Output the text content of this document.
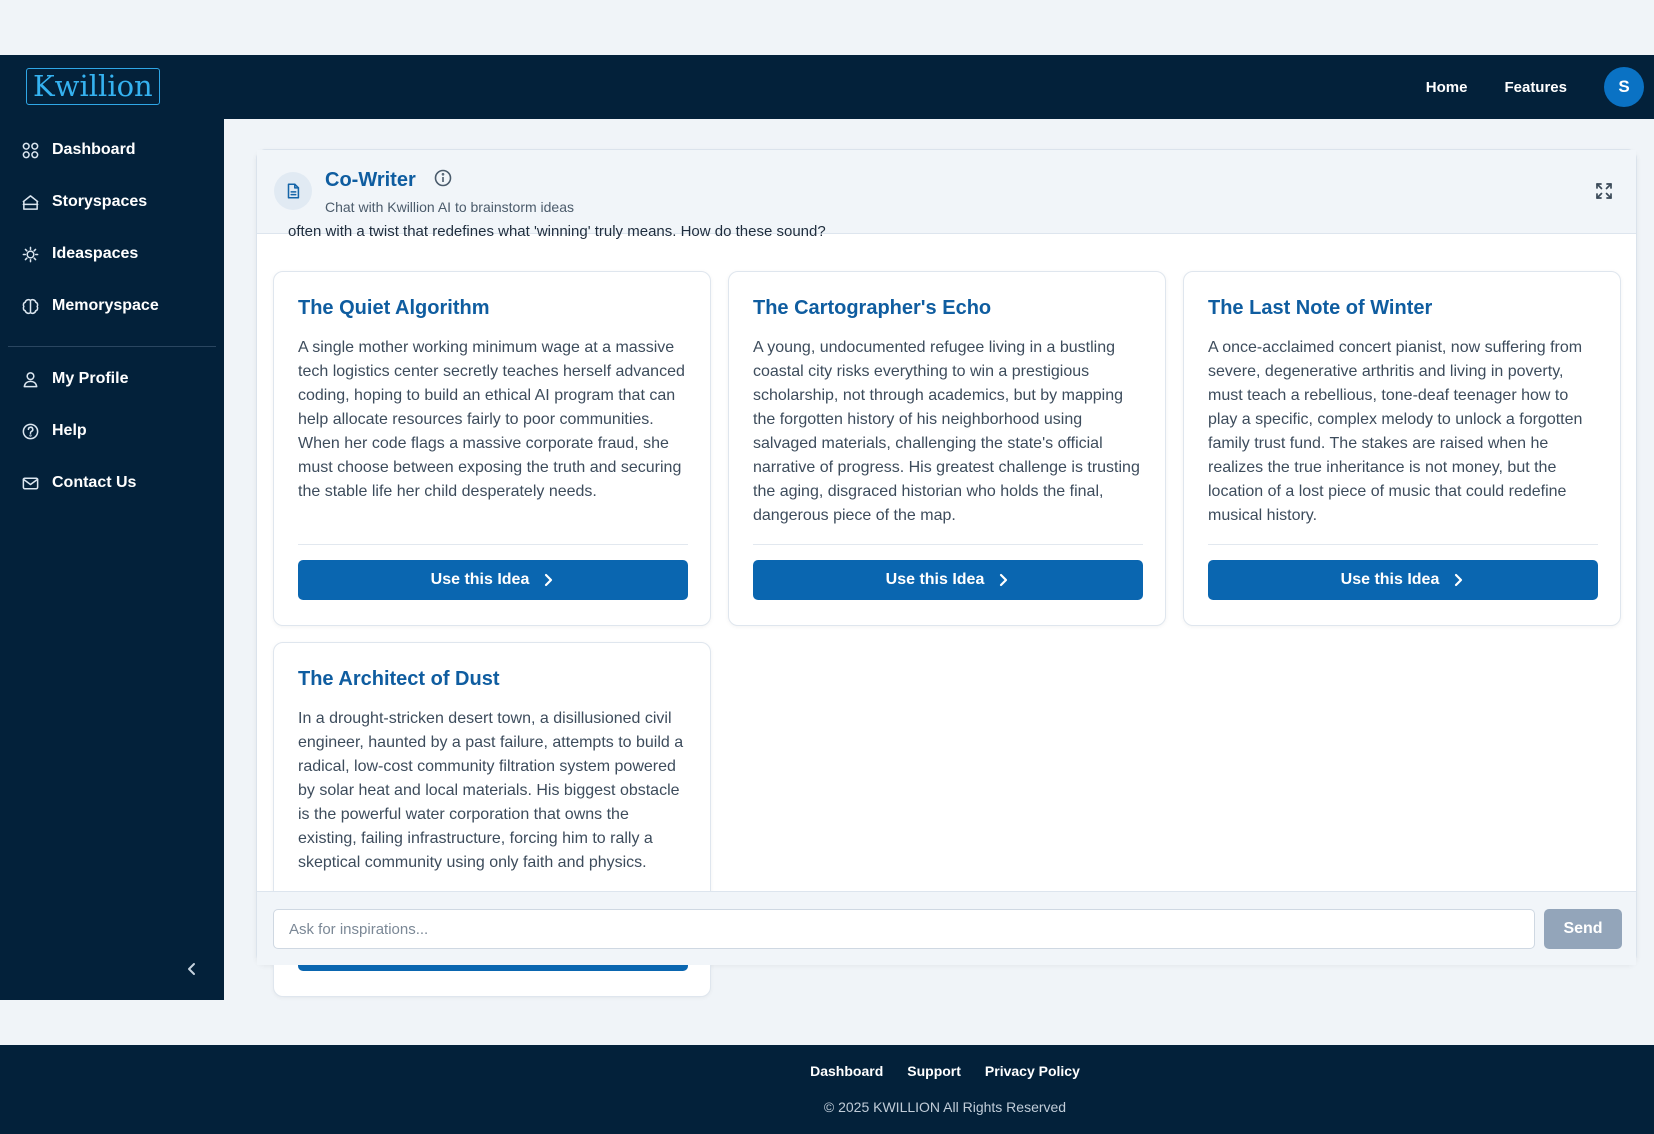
Kwillion	Home Features	S
Dashboard
Storyspaces
Ideaspaces
Memoryspace
My Profile
Help
Contact Us
Co-Writer
Chat with Kwillion AI to brainstorm ideas
often with a twist that redefines what 'winning' truly means. How do these sound?
The Quiet Algorithm
A single mother working minimum wage at a massive tech logistics center secretly teaches herself advanced coding, hoping to build an ethical AI program that can help allocate resources fairly to poor communities. When her code flags a massive corporate fraud, she must choose between exposing the truth and securing the stable life her child desperately needs.
Use this Idea
The Cartographer's Echo
A young, undocumented refugee living in a bustling coastal city risks everything to win a prestigious scholarship, not through academics, but by mapping the forgotten history of his neighborhood using salvaged materials, challenging the state's official narrative of progress. His greatest challenge is trusting the aging, disgraced historian who holds the final, dangerous piece of the map.
Use this Idea
The Last Note of Winter
A once-acclaimed concert pianist, now suffering from severe, degenerative arthritis and living in poverty, must teach a rebellious, tone-deaf teenager how to play a specific, complex melody to unlock a forgotten family trust fund. The stakes are raised when he realizes the true inheritance is not money, but the location of a lost piece of music that could redefine musical history.
Use this Idea
The Architect of Dust
In a drought-stricken desert town, a disillusioned civil engineer, haunted by a past failure, attempts to build a radical, low-cost community filtration system powered by solar heat and local materials. His biggest obstacle is the powerful water corporation that owns the existing, failing infrastructure, forcing him to rally a skeptical community using only faith and physics.
Ask for inspirations...
Send
Dashboard Support Privacy Policy
© 2025 KWILLION All Rights Reserved
